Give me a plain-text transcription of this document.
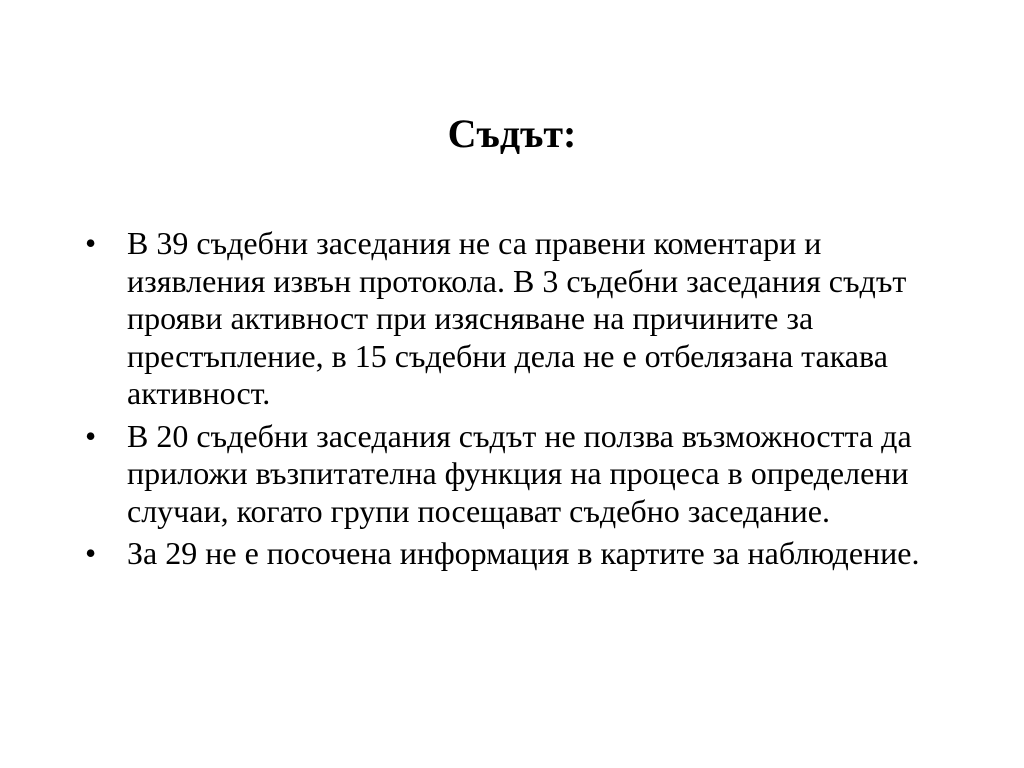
Съдът:
• В 39 съдебни заседания не са правени коментари и изявления извън протокола. В 3 съдебни заседания съдът прояви активност при изясняване на причините за престъпление, в 15 съдебни дела не е отбелязана такава активност.
• В 20 съдебни заседания съдът не ползва възможността да приложи възпитателна функция на процеса в определени случаи, когато групи посещават съдебно заседание.
• За 29 не е посочена информация в картите за наблюдение.
